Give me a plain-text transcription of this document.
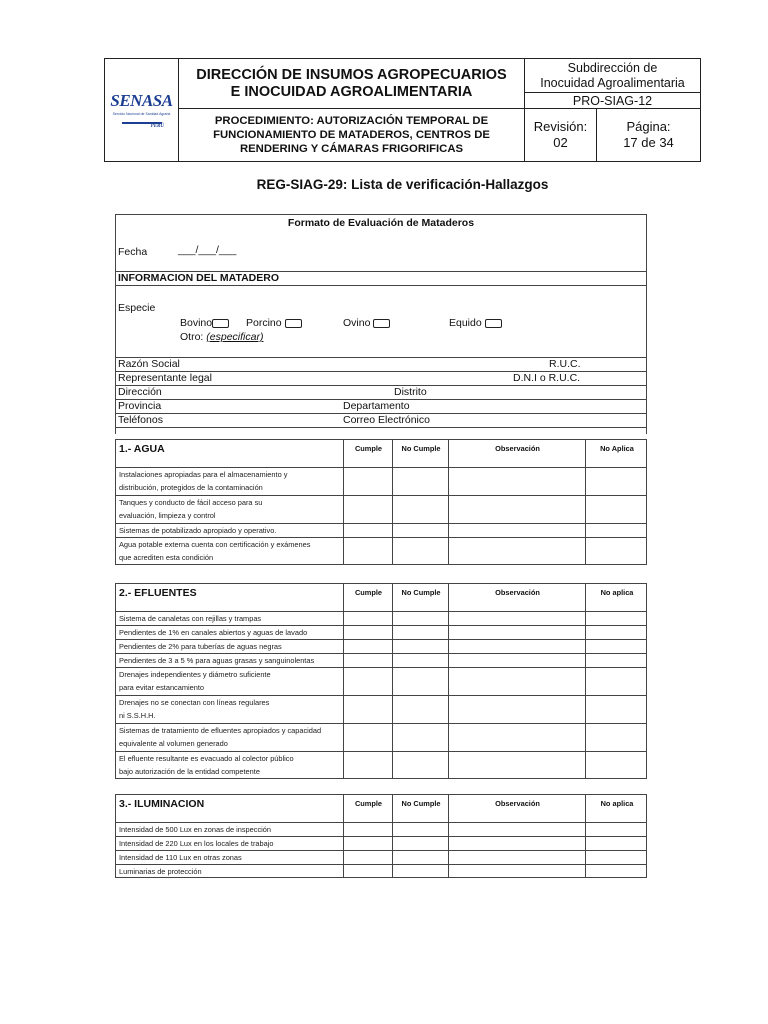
SENASA
Servicio Nacional de Sanidad Agraria
PERÚ
DIRECCIÓN DE INSUMOS AGROPECUARIOS
E INOCUIDAD AGROALIMENTARIA
PROCEDIMIENTO: AUTORIZACIÓN TEMPORAL DE
FUNCIONAMIENTO DE MATADEROS, CENTROS DE
RENDERING Y CÁMARAS FRIGORIFICAS
Subdirección de
Inocuidad Agroalimentaria
PRO-SIAG-12
Revisión:
02
Página:
17 de 34
REG-SIAG-29: Lista de verificación-Hallazgos
Formato de Evaluación de Mataderos
Fecha	___/___/___
INFORMACION DEL MATADERO
Especie
Bovino	Porcino	Ovino	Equido
Otro: (especificar)
Razón Social	R.U.C.
Representante legal	D.N.I o R.U.C.
Dirección	Distrito
Provincia	Departamento
Teléfonos	Correo Electrónico
1.- AGUA	Cumple	No Cumple	Observación	No Aplica
Instalaciones apropiadas para el almacenamiento y
distribución, protegidos de la contaminación
Tanques y conducto de fácil acceso para su
evaluación, limpieza y control
Sistemas de potabilizado apropiado y operativo.
Agua potable externa cuenta con certificación y exámenes
que acrediten esta condición
2.- EFLUENTES	Cumple	No Cumple	Observación	No aplica
Sistema de canaletas con rejillas y trampas
Pendientes de 1% en canales abiertos y aguas de lavado
Pendientes de 2% para tuberías de aguas negras
Pendientes de 3 a 5 % para aguas grasas y sanguinolentas
Drenajes independientes y diámetro suficiente
para evitar estancamiento
Drenajes no se conectan con líneas regulares
ni S.S.H.H.
Sistemas de tratamiento de efluentes apropiados y capacidad
equivalente al volumen generado
El efluente resultante es evacuado al colector público
bajo autorización de la entidad competente
3.- ILUMINACION	Cumple	No Cumple	Observación	No aplica
Intensidad de 500 Lux en zonas de inspección
Intensidad de 220 Lux en los locales de trabajo
Intensidad de 110 Lux en otras zonas
Luminarias de protección
